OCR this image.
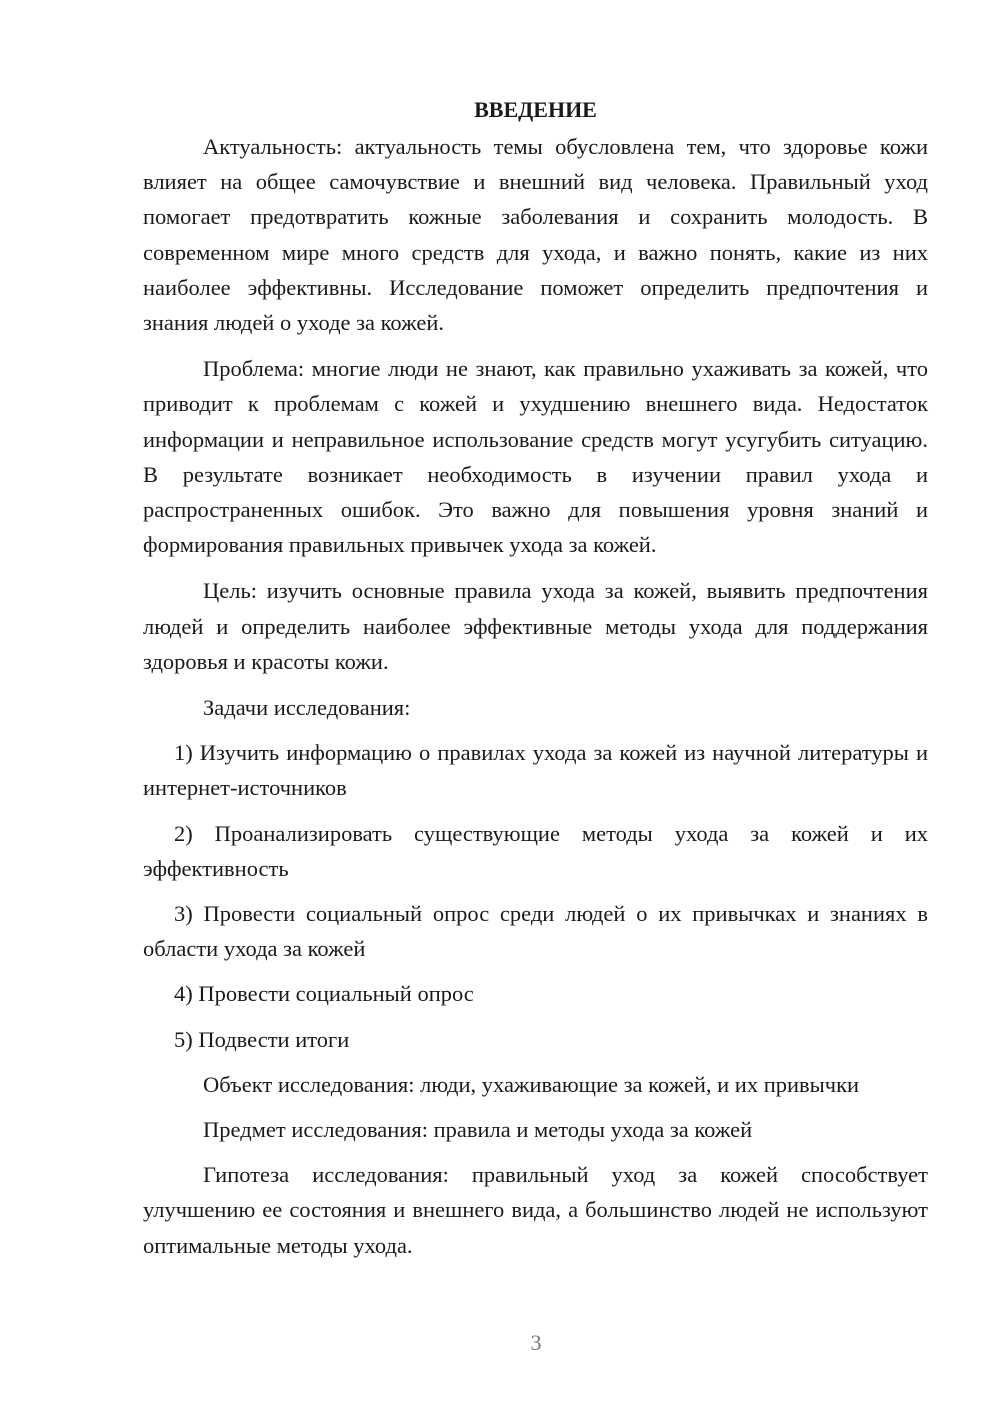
ВВЕДЕНИЕ

Актуальность: актуальность темы обусловлена тем, что здоровье кожи влияет на общее самочувствие и внешний вид человека. Правильный уход помогает предотвратить кожные заболевания и сохранить молодость. В современном мире много средств для ухода, и важно понять, какие из них наиболее эффективны. Исследование поможет определить предпочтения и знания людей о уходе за кожей.

Проблема: многие люди не знают, как правильно ухаживать за кожей, что приводит к проблемам с кожей и ухудшению внешнего вида. Недостаток информации и неправильное использование средств могут усугубить ситуацию. В результате возникает необходимость в изучении правил ухода и распространенных ошибок. Это важно для повышения уровня знаний и формирования правильных привычек ухода за кожей.

Цель: изучить основные правила ухода за кожей, выявить предпочтения людей и определить наиболее эффективные методы ухода для поддержания здоровья и красоты кожи.

Задачи исследования:

1) Изучить информацию о правилах ухода за кожей из научной литературы и интернет-источников

2) Проанализировать существующие методы ухода за кожей и их эффективность

3) Провести социальный опрос среди людей о их привычках и знаниях в области ухода за кожей

4) Провести социальный опрос

5) Подвести итоги

Объект исследования: люди, ухаживающие за кожей, и их привычки

Предмет исследования: правила и методы ухода за кожей

Гипотеза исследования: правильный уход за кожей способствует улучшению ее состояния и внешнего вида, а большинство людей не используют оптимальные методы ухода.

3
